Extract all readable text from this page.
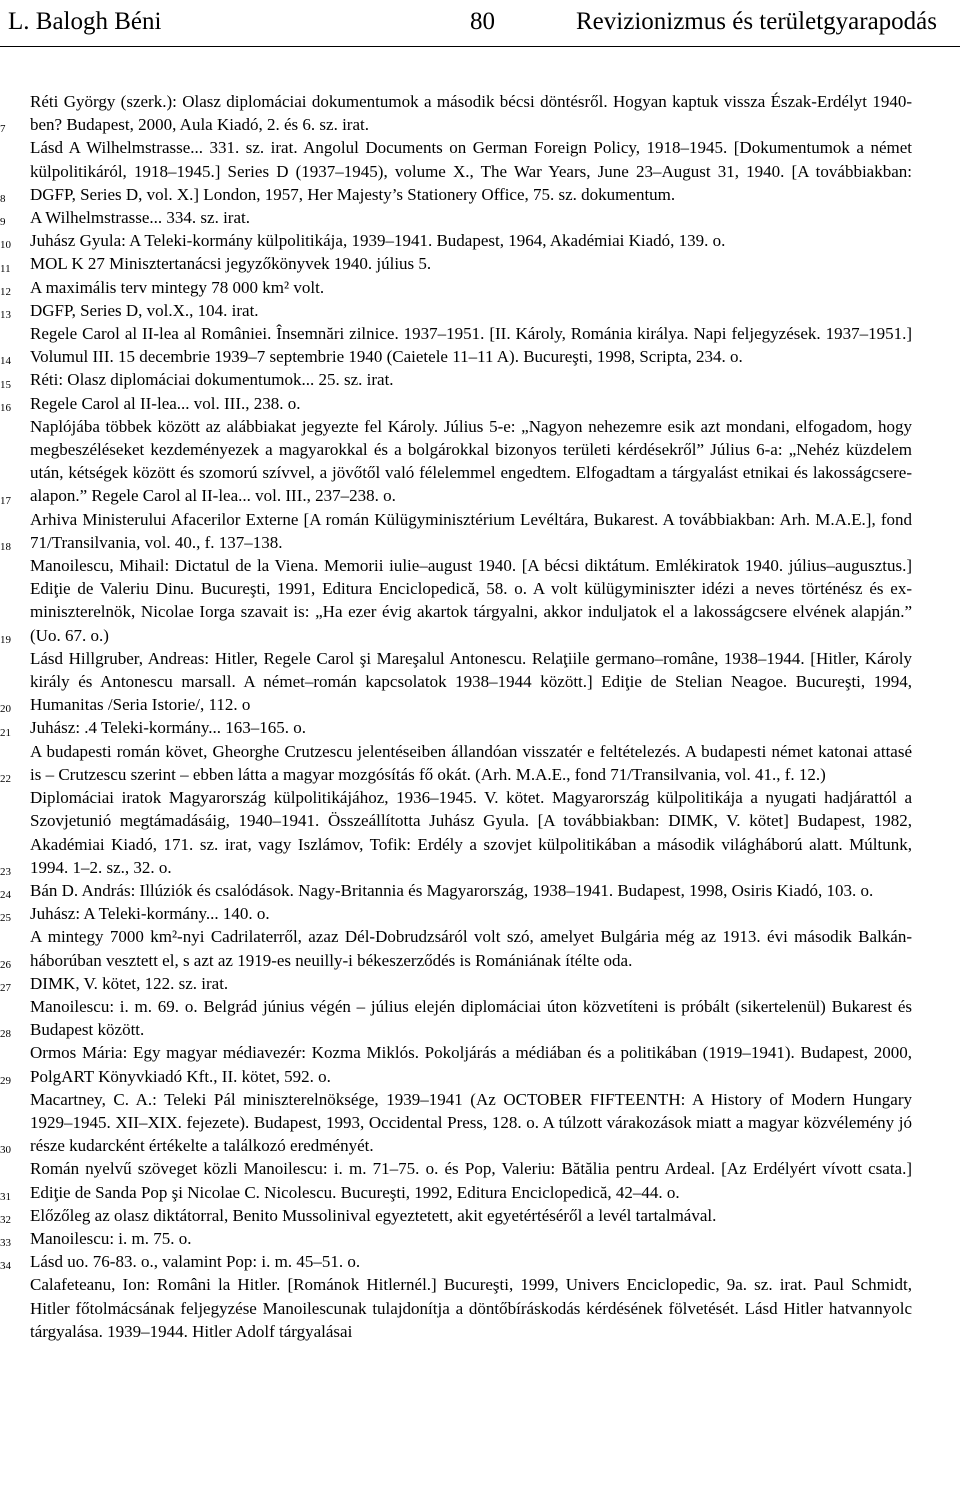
L. Balogh Béni	80	Revizionizmus és területgyarapodás
Réti György (szerk.): Olasz diplomáciai dokumentumok a második bécsi döntésről. Hogyan kaptuk vissza Észak-Erdélyt 1940-ben? Budapest, 2000, Aula Kiadó, 2. és 6. sz. irat.
7
Lásd A Wilhelmstrasse... 331. sz. irat. Angolul Documents on German Foreign Policy, 1918–1945. [Dokumentumok a német külpolitikáról, 1918–1945.] Series D (1937–1945), volume X., The War Years, June 23–August 31, 1940. [A továbbiakban: DGFP, Series D, vol. X.] London, 1957, Her Majesty’s Stationery Office, 75. sz. dokumentum.
8
A Wilhelmstrasse... 334. sz. irat.
9
Juhász Gyula: A Teleki-kormány külpolitikája, 1939–1941. Budapest, 1964, Akadémiai Kiadó, 139. o.
10
MOL K 27 Minisztertanácsi jegyzőkönyvek 1940. július 5.
11
A maximális terv mintegy 78 000 km² volt.
12
DGFP, Series D, vol.X., 104. irat.
13
Regele Carol al II-lea al României. Însemnări zilnice. 1937–1951. [II. Károly, Románia királya. Napi feljegyzések. 1937–1951.] Volumul III. 15 decembrie 1939–7 septembrie 1940 (Caietele 11–11 A). Bucureşti, 1998, Scripta, 234. o.
14
Réti: Olasz diplomáciai dokumentumok... 25. sz. irat.
15
Regele Carol al II-lea... vol. III., 238. o.
16
Naplójába többek között az alábbiakat jegyezte fel Károly. Július 5-e: „Nagyon nehezemre esik azt mondani, elfogadom, hogy megbeszéléseket kezdeményezek a magyarokkal és a bolgárokkal bizonyos területi kérdésekről” Július 6-a: „Nehéz küzdelem után, kétségek között és szomorú szívvel, a jövőtől való félelemmel engedtem. Elfogadtam a tárgyalást etnikai és lakosságcsere-alapon.” Regele Carol al II-lea... vol. III., 237–238. o.
17
Arhiva Ministerului Afacerilor Externe [A román Külügyminisztérium Levéltára, Bukarest. A továbbiakban: Arh. M.A.E.], fond 71/Transilvania, vol. 40., f. 137–138.
18
Manoilescu, Mihail: Dictatul de la Viena. Memorii iulie–august 1940. [A bécsi diktátum. Emlékiratok 1940. július–augusztus.] Ediţie de Valeriu Dinu. Bucureşti, 1991, Editura Enciclopedică, 58. o. A volt külügyminiszter idézi a neves történész és ex-miniszterelnök, Nicolae Iorga szavait is: „Ha ezer évig akartok tárgyalni, akkor induljatok el a lakosságcsere elvének alapján.” (Uo. 67. o.)
19
Lásd Hillgruber, Andreas: Hitler, Regele Carol şi Mareşalul Antonescu. Relaţiile germano–române, 1938–1944. [Hitler, Károly király és Antonescu marsall. A német–román kapcsolatok 1938–1944 között.] Ediţie de Stelian Neagoe. Bucureşti, 1994, Humanitas /Seria Istorie/, 112. o
20
Juhász: .4 Teleki-kormány... 163–165. o.
21
A budapesti román követ, Gheorghe Crutzescu jelentéseiben állandóan visszatér e feltételezés. A budapesti német katonai attasé is – Crutzescu szerint – ebben látta a magyar mozgósítás fő okát. (Arh. M.A.E., fond 71/Transilvania, vol. 41., f. 12.)
22
Diplomáciai iratok Magyarország külpolitikájához, 1936–1945. V. kötet. Magyarország külpolitikája a nyugati hadjárattól a Szovjetunió megtámadásáig, 1940–1941. Összeállította Juhász Gyula. [A továbbiakban: DIMK, V. kötet] Budapest, 1982, Akadémiai Kiadó, 171. sz. irat, vagy Iszlámov, Tofik: Erdély a szovjet külpolitikában a második világháború alatt. Múltunk, 1994. 1–2. sz., 32. o.
23
Bán D. András: Illúziók és csalódások. Nagy-Britannia és Magyarország, 1938–1941. Budapest, 1998, Osiris Kiadó, 103. o.
24
Juhász: A Teleki-kormány... 140. o.
25
A mintegy 7000 km²-nyi Cadrilaterről, azaz Dél-Dobrudzsáról volt szó, amelyet Bulgária még az 1913. évi második Balkán-háborúban vesztett el, s azt az 1919-es neuilly-i békeszerződés is Romániának ítélte oda.
26
DIMK, V. kötet, 122. sz. irat.
27
Manoilescu: i. m. 69. o. Belgrád június végén – július elején diplomáciai úton közvetíteni is próbált (sikertelenül) Bukarest és Budapest között.
28
Ormos Mária: Egy magyar médiavezér: Kozma Miklós. Pokoljárás a médiában és a politikában (1919–1941). Budapest, 2000, PolgART Könyvkiadó Kft., II. kötet, 592. o.
29
Macartney, C. A.: Teleki Pál miniszterelnöksége, 1939–1941 (Az OCTOBER FIFTEENTH: A History of Modern Hungary 1929–1945. XII–XIX. fejezete). Budapest, 1993, Occidental Press, 128. o. A túlzott várakozások miatt a magyar közvélemény jó része kudarcként értékelte a találkozó eredményét.
30
Román nyelvű szöveget közli Manoilescu: i. m. 71–75. o. és Pop, Valeriu: Bătălia pentru Ardeal. [Az Erdélyért vívott csata.] Ediţie de Sanda Pop şi Nicolae C. Nicolescu. Bucureşti, 1992, Editura Enciclopedică, 42–44. o.
31
Előzőleg az olasz diktátorral, Benito Mussolinival egyeztetett, akit egyetértéséről a levél tartalmával.
32
Manoilescu: i. m. 75. o.
33
Lásd uo. 76-83. o., valamint Pop: i. m. 45–51. o.
34
Calafeteanu, Ion: Români la Hitler. [Románok Hitlernél.] Bucureşti, 1999, Univers Enciclopedic, 9a. sz. irat. Paul Schmidt, Hitler főtolmácsának feljegyzése Manoilescunak tulajdonítja a döntőbíráskodás kérdésének fölvetését. Lásd Hitler hatvannyolc tárgyalása. 1939–1944. Hitler Adolf tárgyalásai
